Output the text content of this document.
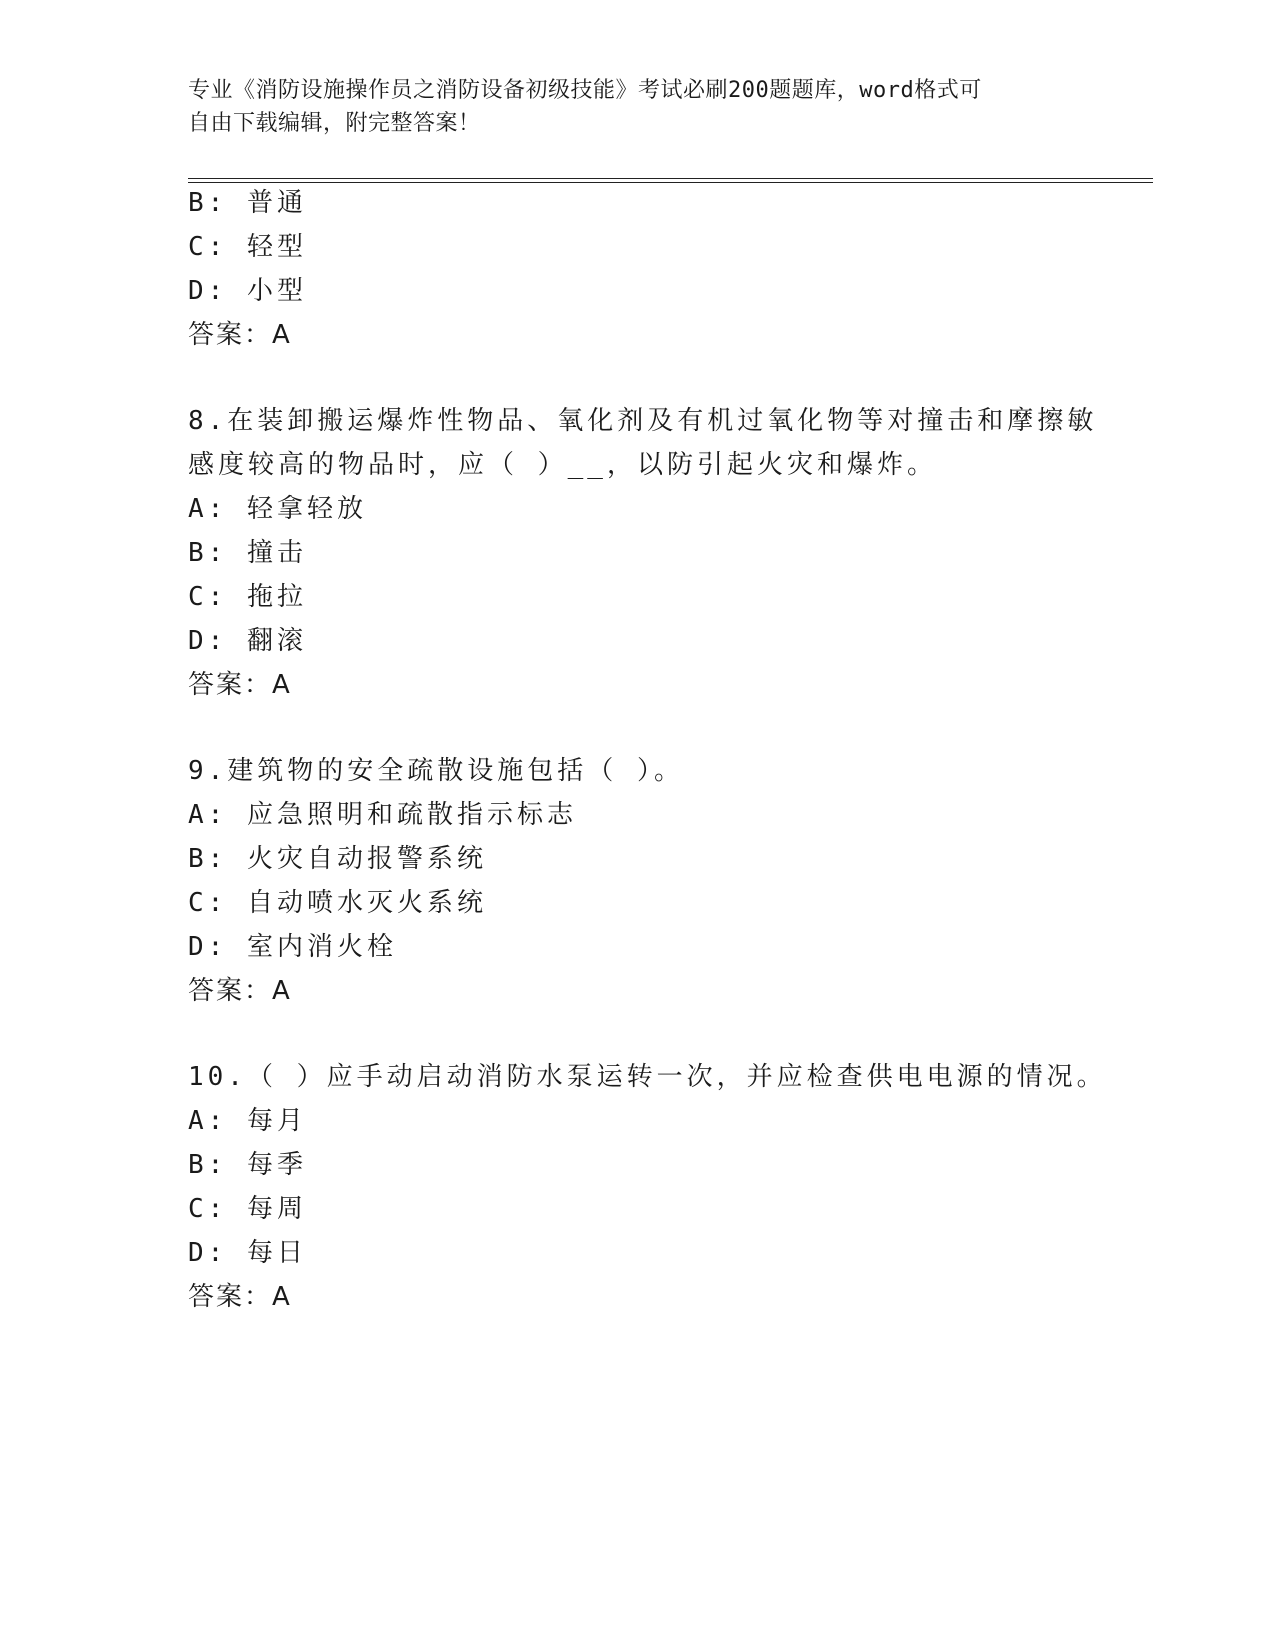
专业《消防设施操作员之消防设备初级技能》考试必刷200题题库，word格式可
自由下载编辑，附完整答案！
B: 普通
C: 轻型
D: 小型
答案：A
8.在装卸搬运爆炸性物品、氧化剂及有机过氧化物等对撞击和摩擦敏
感度较高的物品时，应（ ）__，以防引起火灾和爆炸。
A: 轻拿轻放
B: 撞击
C: 拖拉
D: 翻滚
答案：A
9.建筑物的安全疏散设施包括（ ）。
A: 应急照明和疏散指示标志
B: 火灾自动报警系统
C: 自动喷水灭火系统
D: 室内消火栓
答案：A
10.（ ）应手动启动消防水泵运转一次，并应检查供电电源的情况。
A: 每月
B: 每季
C: 每周
D: 每日
答案：A
